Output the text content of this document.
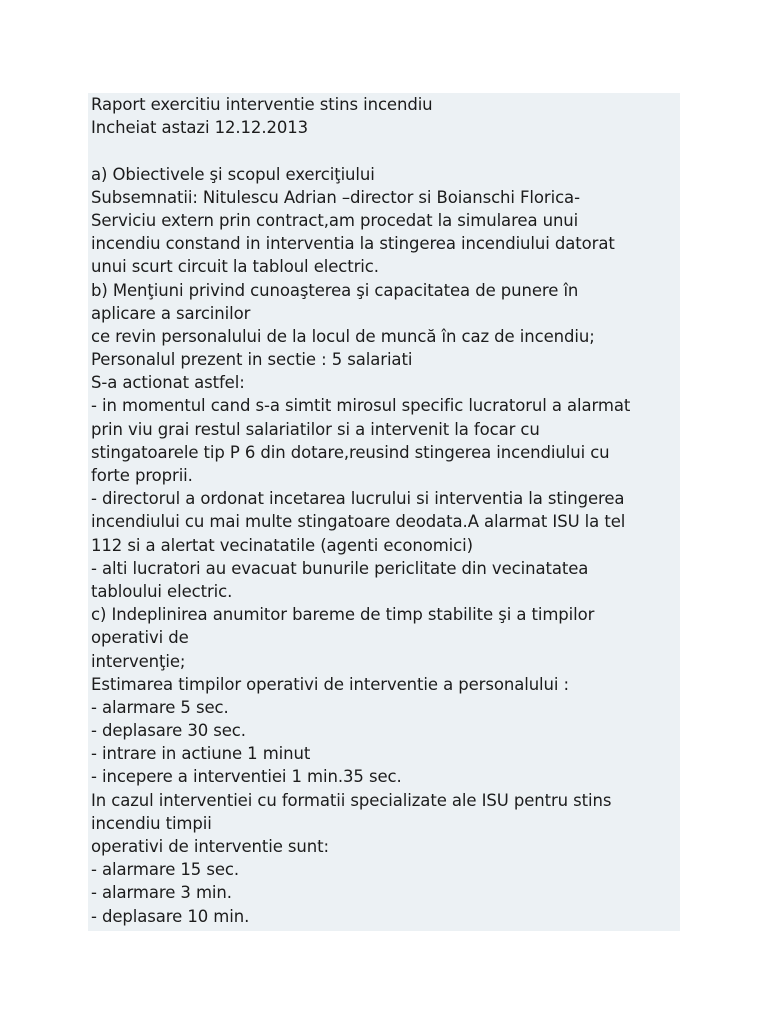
Raport exercitiu interventie stins incendiu
Incheiat astazi 12.12.2013
a) Obiectivele şi scopul exerciţiului
Subsemnatii: Nitulescu Adrian –director si Boianschi Florica-
Serviciu extern prin contract,am procedat la simularea unui
incendiu constand in interventia la stingerea incendiului datorat
unui scurt circuit la tabloul electric.
b) Menţiuni privind cunoaşterea şi capacitatea de punere în
aplicare a sarcinilor
ce revin personalului de la locul de muncă în caz de incendiu;
Personalul prezent in sectie : 5 salariati
S-a actionat astfel:
- in momentul cand s-a simtit mirosul specific lucratorul a alarmat
prin viu grai restul salariatilor si a intervenit la focar cu
stingatoarele tip P 6 din dotare,reusind stingerea incendiului cu
forte proprii.
- directorul a ordonat incetarea lucrului si interventia la stingerea
incendiului cu mai multe stingatoare deodata.A alarmat ISU la tel
112 si a alertat vecinatatile (agenti economici)
- alti lucratori au evacuat bunurile periclitate din vecinatatea
tabloului electric.
c) Indeplinirea anumitor bareme de timp stabilite şi a timpilor
operativi de
intervenţie;
Estimarea timpilor operativi de interventie a personalului :
- alarmare 5 sec.
- deplasare 30 sec.
- intrare in actiune 1 minut
- incepere a interventiei 1 min.35 sec.
In cazul interventiei cu formatii specializate ale ISU pentru stins
incendiu timpii
operativi de interventie sunt:
- alarmare 15 sec.
- alarmare 3 min.
- deplasare 10 min.
